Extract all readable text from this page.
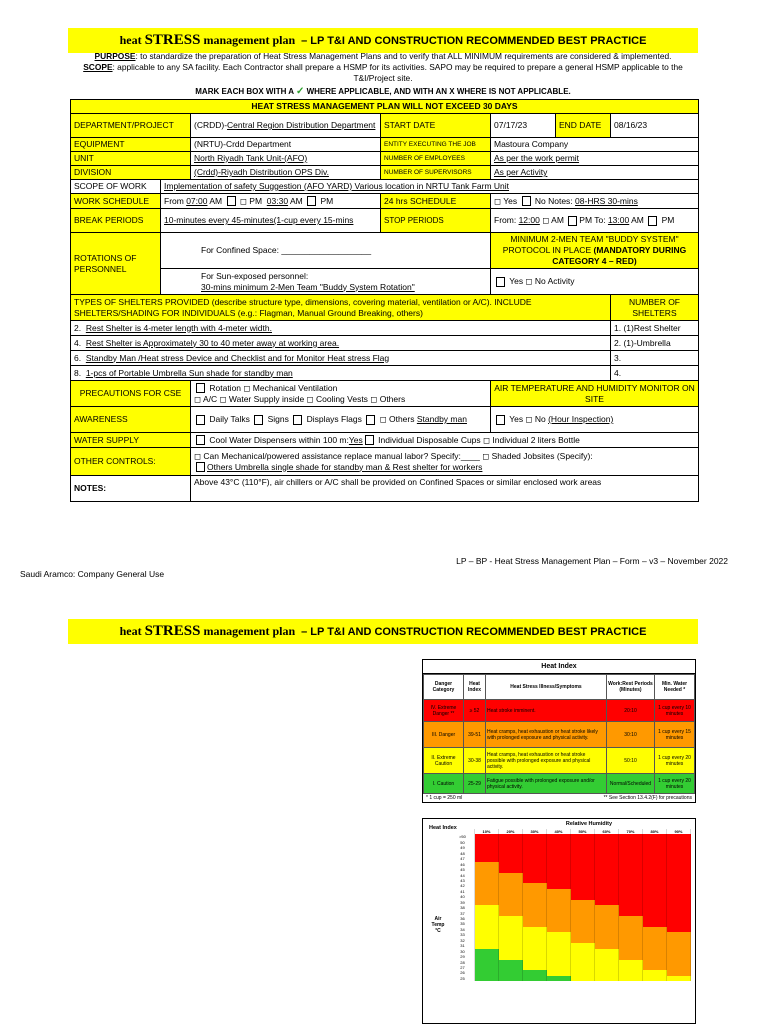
heat STRESS management plan – LP T&I AND CONSTRUCTION RECOMMENDED BEST PRACTICE
PURPOSE: to standardize the preparation of Heat Stress Management Plans and to verify that ALL MINIMUM requirements are considered & implemented.
SCOPE: applicable to any SA facility. Each Contractor shall prepare a HSMP for its activities. SAPO may be required to prepare a general HSMP applicable to the T&I/Project site.
MARK EACH BOX WITH A ✓ WHERE APPLICABLE, AND WITH AN X WHERE IS NOT APPLICABLE.
HEAT STRESS MANAGEMENT PLAN WILL NOT EXCEED 30 DAYS						
DEPARTMENT/PROJECT		(CRDD)-Central Region Distribution Department	START DATE	07/17/23	END DATE	08/16/23
EQUIPMENT		(NRTU)-Crdd Department	ENTITY EXECUTING THE JOB	Mastoura Company		
UNIT		North Riyadh Tank Unit-(AFO)	NUMBER OF EMPLOYEES	As per the work permit		
DIVISION		(Crdd)-Riyadh Distribution OPS Div.	NUMBER OF SUPERVISORS	As per Activity		
SCOPE OF WORK	Implementation of safety Suggestion (AFO YARD) Various location in NRTU Tank Farm Unit					
WORK SCHEDULE	From 07:00 AM  ◻ PM  03:30 AM  PM		24 hrs SCHEDULE	◻ Yes  No Notes: 08-HRS 30-mins		
BREAK PERIODS	10-minutes every 45-minutes(1-cup every 15-mins		STOP PERIODS	From: 12:00 ◻ AM PM To: 13:00 AM  PM		
ROTATIONS OF PERSONNEL	For Confined Space: ___________________			MINIMUM 2-MEN TEAM "BUDDY SYSTEM" PROTOCOL IN PLACE (MANDATORY DURING CATEGORY 4 – RED)		
	For Sun-exposed personnel:
30-mins minimum 2-Men Team "Buddy System Rotation"			Yes ◻ No Activity		
TYPES OF SHELTERS PROVIDED (describe structure type, dimensions, covering material, ventilation or A/C). INCLUDE SHELTERS/SHADING FOR INDIVIDUALS (e.g.: Flagman, Manual Ground Breaking, others)						NUMBER OF SHELTERS
2. Rest Shelter is 4-meter length with 4-meter width.						1. (1)Rest Shelter
4. Rest Shelter is Approximately 30 to 40 meter away at working area.						2. (1)-Umbrella
6. Standby Man /Heat stress Device and Checklist and for Monitor Heat stress Flag						3.
8. 1-pcs of Portable Umbrella Sun shade for standby man						4.
PRECAUTIONS FOR CSE		Rotation ◻ Mechanical Ventilation
◻ A/C ◻ Water Supply inside ◻ Cooling Vests ◻ Others		AIR TEMPERATURE AND HUMIDITY MONITOR ON SITE		
AWARENESS		Daily Talks  Signs  Displays Flags  ◻ Others Standby man		Yes ◻ No (Hour Inspection)		
WATER SUPPLY		Cool Water Dispensers within 100 m:Yes Individual Disposable Cups ◻ Individual 2 liters Bottle				
OTHER CONTROLS:		◻ Can Mechanical/powered assistance replace manual labor? Specify:____ ◻ Shaded Jobsites (Specify):
Others Umbrella single shade for standby man & Rest shelter for workers				
NOTES:		Above 43°C (110°F), air chillers or A/C shall be provided on Confined Spaces or similar enclosed work areas				
LP – BP - Heat Stress Management Plan – Form – v3 – November 2022
Saudi Aramco: Company General Use
heat STRESS management plan – LP T&I AND CONSTRUCTION RECOMMENDED BEST PRACTICE
Heat Index
Danger Category	Heat Index	Heat Stress Illness/Symptoms	Work:Rest Periods (Minutes)	Min. Water Needed *
IV. Extreme Danger **	≥ 52	Heat stroke imminent.	20:10	1 cup every 10 minutes
III. Danger	39-51	Heat cramps, heat exhaustion or heat stroke likely with prolonged exposure and physical activity.	30:10	1 cup every 15 minutes
II. Extreme Caution	30-38	Heat cramps, heat exhaustion or heat stroke possible with prolonged exposure and physical activity.	50:10	1 cup every 20 minutes
I. Caution	25-29	Fatigue possible with prolonged exposure and/or physical activity.	Normal/Scheduled	1 cup every 20 minutes
* 1 cup = 250 ml	** See Section 13.4.2(F) for precautions
Relative Humidity
Heat Index
Air Temp °C
10%	20%	30%	40%	50%	60%	70%	80%	90%
>50
50
49
48
47
46
45
44
43
42
41
40
39
38
37
36
35
34
33
32
31
30
29
28
27
26
25
